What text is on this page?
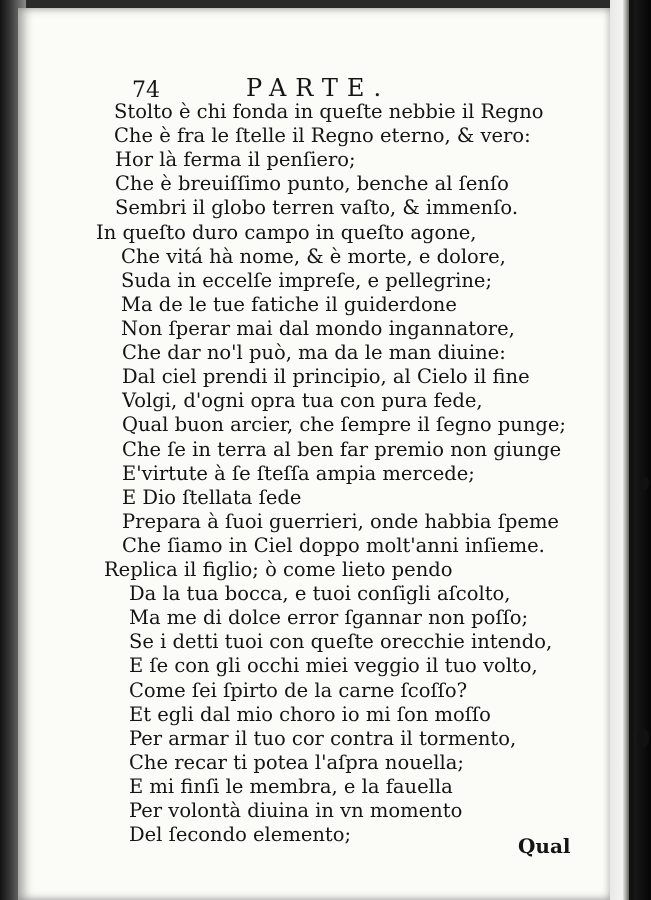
74	PARTE.
Stolto è chi fonda in queſte nebbie il Regno
Che è fra le ſtelle il Regno eterno, & vero:
Hor là ferma il penſiero;
Che è breuiſſimo punto, benche al ſenſo
Sembri il globo terren vaſto, & immenſo.
In queſto duro campo in queſto agone,
Che vitá hà nome, & è morte, e dolore,
Suda in eccelſe impreſe, e pellegrine;
Ma de le tue fatiche il guiderdone
Non ſperar mai dal mondo ingannatore,
Che dar no'l può, ma da le man diuine:
Dal ciel prendi il principio, al Cielo il fine
Volgi, d'ogni opra tua con pura fede,
Qual buon arcier, che ſempre il ſegno punge;
Che ſe in terra al ben far premio non giunge
E'virtute à ſe ſteſſa ampia mercede;
E Dio ſtellata ſede
Prepara à ſuoi guerrieri, onde habbia ſpeme
Che ſiamo in Ciel doppo molt'anni inſieme.
Replica il figlio; ò come lieto pendo
Da la tua bocca, e tuoi conſigli aſcolto,
Ma me di dolce error ſgannar non poſſo;
Se i detti tuoi con queſte orecchie intendo,
E ſe con gli occhi miei veggio il tuo volto,
Come ſei ſpirto de la carne ſcoſſo?
Et egli dal mio choro io mi ſon moſſo
Per armar il tuo cor contra il tormento,
Che recar ti potea l'aſpra nouella;
E mi finſi le membra, e la fauella
Per volontà diuina in vn momento
Del ſecondo elemento;	Qual
